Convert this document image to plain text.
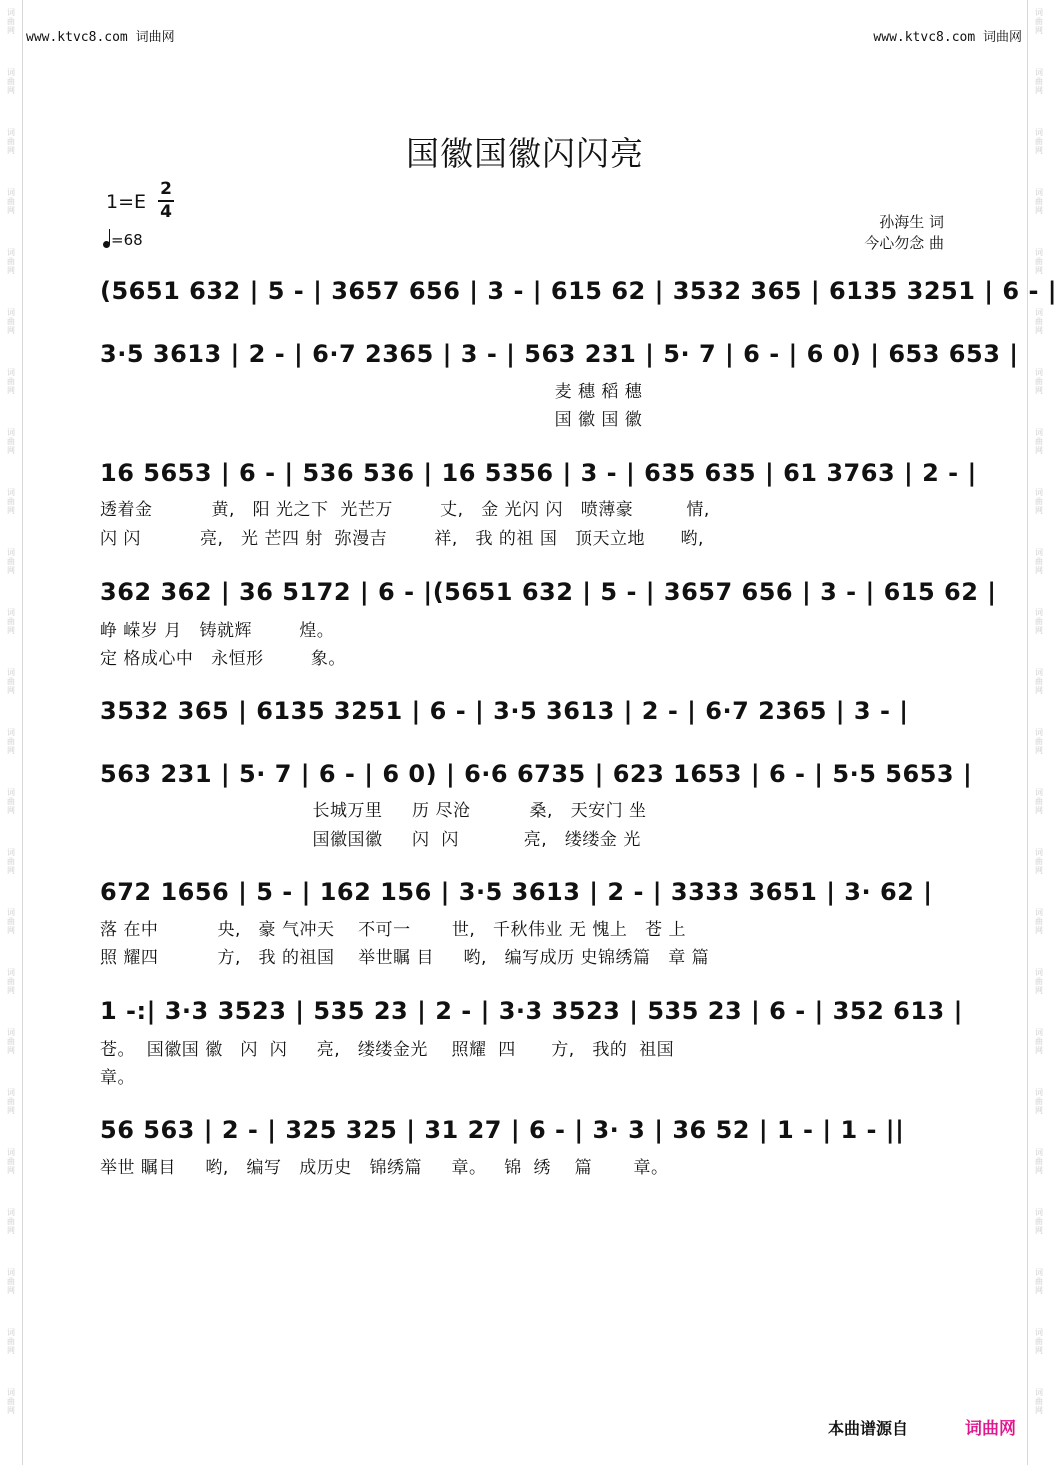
词
曲
网
词
曲
网
词
曲
网
词
曲
网
词
曲
网
词
曲
网
词
曲
网
词
曲
网
词
曲
网
词
曲
网
词
曲
网
词
曲
网
词
曲
网
词
曲
网
词
曲
网
词
曲
网
词
曲
网
词
曲
网
词
曲
网
词
曲
网
词
曲
网
词
曲
网
词
曲
网
词
曲
网
词
曲
网
词
曲
网
词
曲
网
词
曲
网
词
曲
网
词
曲
网
词
曲
网
词
曲
网
词
曲
网
词
曲
网
词
曲
网
词
曲
网
词
曲
网
词
曲
网
词
曲
网
词
曲
网
词
曲
网
词
曲
网
词
曲
网
词
曲
网
词
曲
网
词
曲
网
词
曲
网
词
曲
网
www.ktvc8.com 词曲网	www.ktvc8.com 词曲网
国徽国徽闪闪亮
1=E
2
4
=68
孙海生 词
今心勿念 曲
(5651 632 | 5 - | 3657 656 | 3 - | 615 62 | 3532 365 | 6135 3251 | 6 - |
3·5 3613 | 2 - | 6·7 2365 | 3 - | 563 231 | 5· 7 | 6 - | 6 0) | 653 653 |
麦 穗 稻 穗
国 徽 国 徽
16 5653 | 6 - | 536 536 | 16 5356 | 3 - | 635 635 | 61 3763 | 2 - |
透着金          黄,   阳 光之下  光芒万        丈,   金 光闪 闪   喷薄豪         情,
闪 闪          亮,   光 芒四 射  弥漫吉        祥,   我 的祖 国   顶天立地      哟,
362 362 | 36 5172 | 6 - |(5651 632 | 5 - | 3657 656 | 3 - | 615 62 |
峥 嵘岁 月   铸就辉        煌。
定 格成心中   永恒形        象。
3532 365 | 6135 3251 | 6 - | 3·5 3613 | 2 - | 6·7 2365 | 3 - |
563 231 | 5· 7 | 6 - | 6 0) | 6·6 6735 | 623 1653 | 6 - | 5·5 5653 |
长城万里     历 尽沧          桑,   天安门 坐
国徽国徽     闪  闪           亮,   缕缕金 光
672 1656 | 5 - | 162 156 | 3·5 3613 | 2 - | 3333 3651 | 3· 62 |
落 在中          央,   豪 气冲天    不可一       世,   千秋伟业 无 愧上   苍 上
照 耀四          方,   我 的祖国    举世瞩 目     哟,   编写成历 史锦绣篇   章 篇
1 -:| 3·3 3523 | 535 23 | 2 - | 3·3 3523 | 535 23 | 6 - | 352 613 |
苍。  国徽国 徽   闪  闪     亮,   缕缕金光    照耀  四      方,   我的  祖国
章。
56 563 | 2 - | 325 325 | 31 27 | 6 - | 3· 3 | 36 52 | 1 - | 1 - ||
举世 瞩目     哟,   编写   成历史   锦绣篇     章。   锦  绣    篇       章。
本曲谱源自	词曲网
